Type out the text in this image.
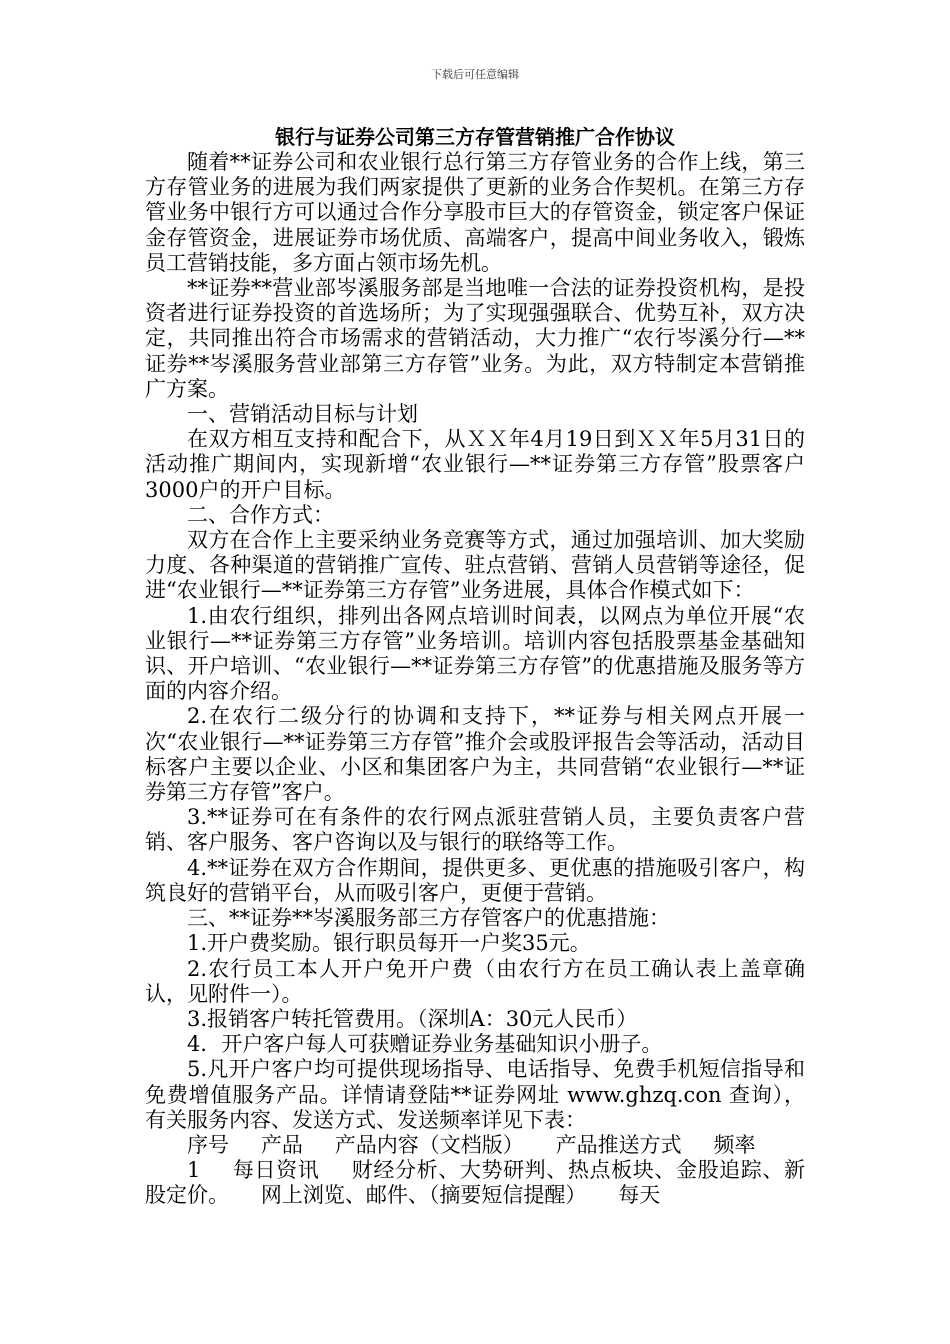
下载后可任意编辑
银行与证券公司第三方存管营销推广合作协议

随着**证券公司和农业银行总行第三方存管业务的合作上线，第三方存管业务的进展为我们两家提供了更新的业务合作契机。在第三方存管业务中银行方可以通过合作分享股市巨大的存管资金，锁定客户保证金存管资金，进展证券市场优质、高端客户，提高中间业务收入，锻炼员工营销技能，多方面占领市场先机。

**证券**营业部岑溪服务部是当地唯一合法的证券投资机构，是投资者进行证券投资的首选场所；为了实现强强联合、优势互补，双方决定，共同推出符合市场需求的营销活动，大力推广“农行岑溪分行—**证券**岑溪服务营业部第三方存管”业务。为此，双方特制定本营销推广方案。

一、营销活动目标与计划

在双方相互支持和配合下，从ＸＸ年4月19日到ＸＸ年5月31日的活动推广期间内，实现新增“农业银行—**证券第三方存管”股票客户3000户的开户目标。

二、合作方式：

双方在合作上主要采纳业务竞赛等方式，通过加强培训、加大奖励力度、各种渠道的营销推广宣传、驻点营销、营销人员营销等途径，促进“农业银行—**证券第三方存管”业务进展，具体合作模式如下：

1.由农行组织，排列出各网点培训时间表，以网点为单位开展“农业银行—**证券第三方存管”业务培训。培训内容包括股票基金基础知识、开户培训、“农业银行—**证券第三方存管”的优惠措施及服务等方面的内容介绍。

2.在农行二级分行的协调和支持下，**证券与相关网点开展一次“农业银行—**证券第三方存管”推介会或股评报告会等活动，活动目标客户主要以企业、小区和集团客户为主，共同营销“农业银行—**证券第三方存管”客户。

3.**证券可在有条件的农行网点派驻营销人员，主要负责客户营销、客户服务、客户咨询以及与银行的联络等工作。

4.**证券在双方合作期间，提供更多、更优惠的措施吸引客户，构筑良好的营销平台，从而吸引客户，更便于营销。

三、**证券**岑溪服务部三方存管客户的优惠措施：

1.开户费奖励。银行职员每开一户奖35元。

2.农行员工本人开户免开户费（由农行方在员工确认表上盖章确认，见附件一）。

3.报销客户转托管费用。（深圳A：30元人民币）

4．开户客户每人可获赠证券业务基础知识小册子。

5.凡开户客户均可提供现场指导、电话指导、免费手机短信指导和免费增值服务产品。详情请登陆**证券网址 www.ghzq.con 查询），有关服务内容、发送方式、发送频率详见下表：

序号 产品 产品内容（文档版） 产品推送方式 频率

1 每日资讯 财经分析、大势研判、热点板块、金股追踪、新股定价。 网上浏览、邮件、（摘要短信提醒） 每天
